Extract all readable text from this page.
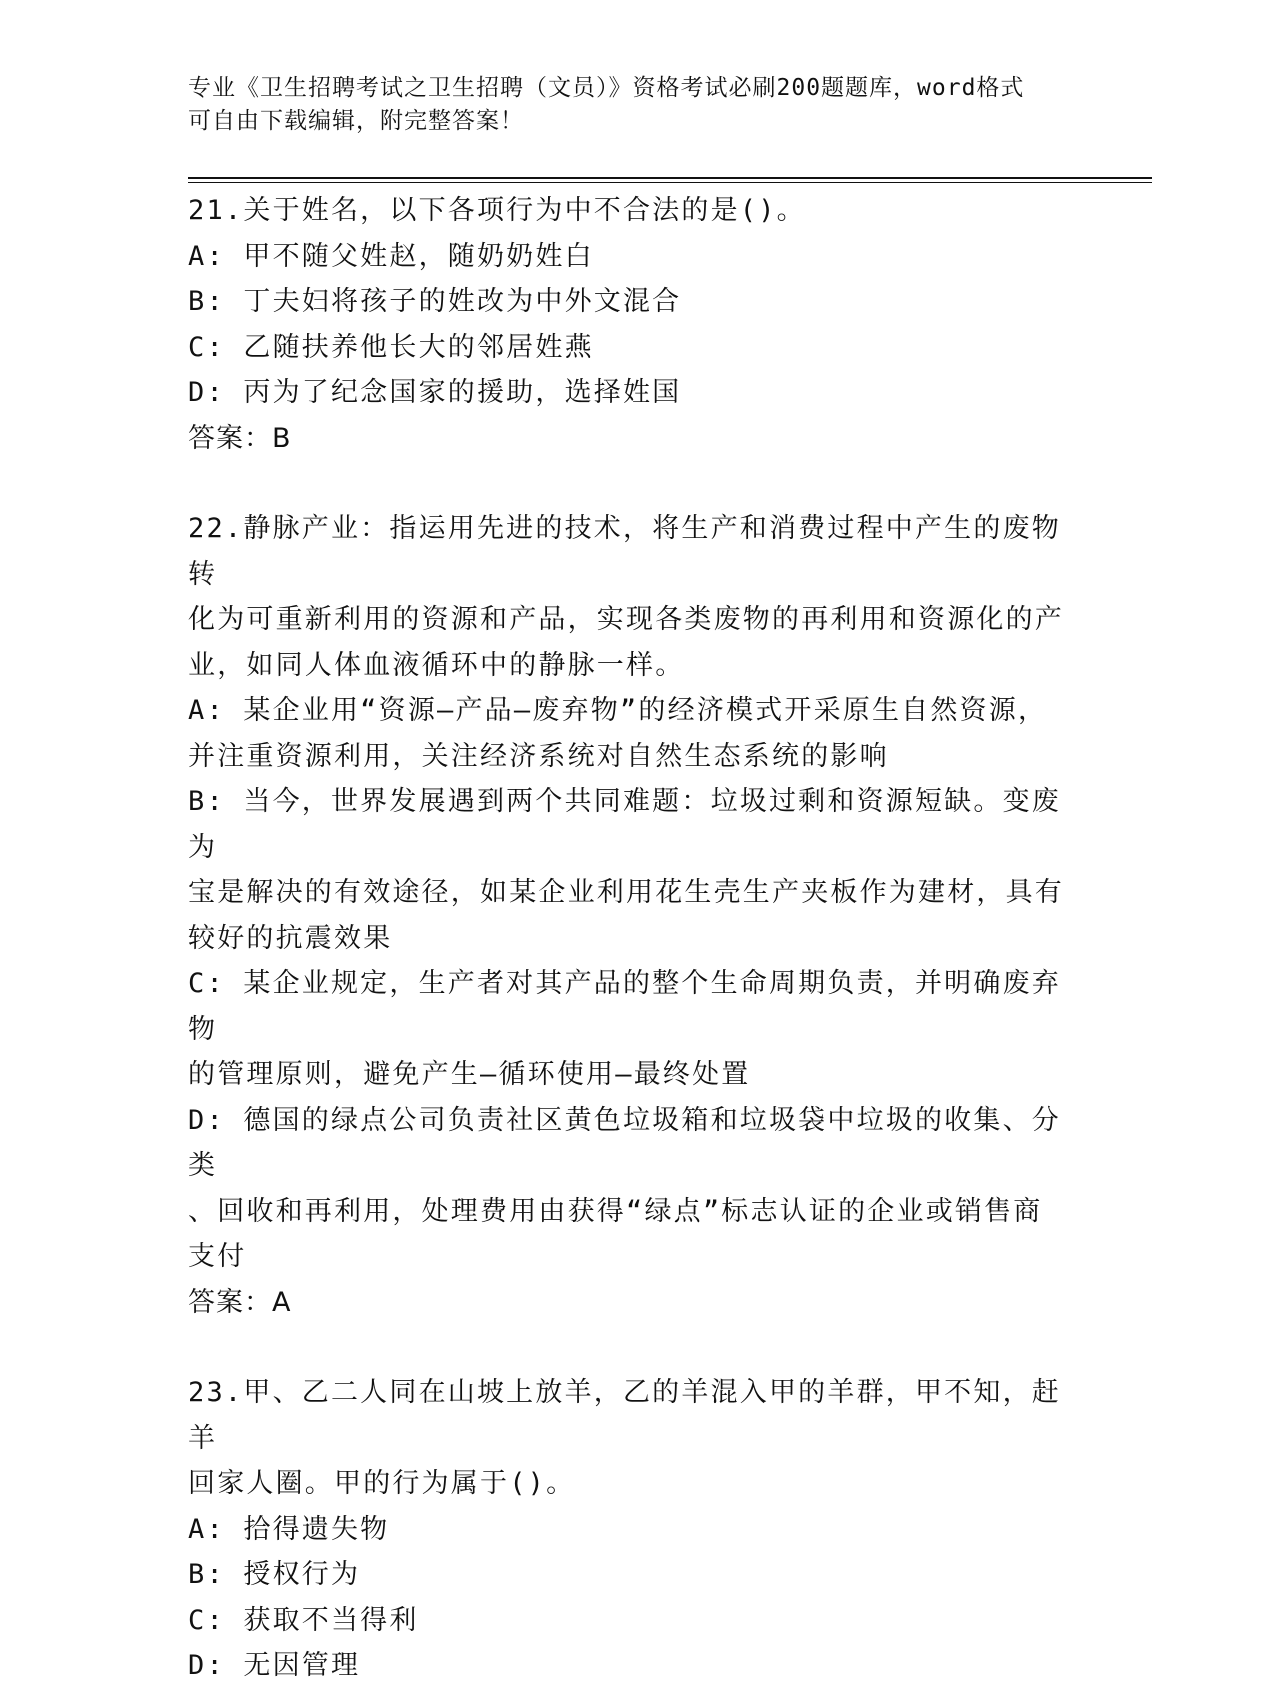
专业《卫生招聘考试之卫生招聘（文员）》资格考试必刷200题题库，word格式
可自由下载编辑，附完整答案！
21.关于姓名，以下各项行为中不合法的是()。
A: 甲不随父姓赵，随奶奶姓白
B: 丁夫妇将孩子的姓改为中外文混合
C: 乙随扶养他长大的邻居姓燕
D: 丙为了纪念国家的援助，选择姓国
答案：B
22.静脉产业：指运用先进的技术，将生产和消费过程中产生的废物转
化为可重新利用的资源和产品，实现各类废物的再利用和资源化的产
业，如同人体血液循环中的静脉一样。
A: 某企业用“资源—产品—废弃物”的经济模式开采原生自然资源，
并注重资源利用，关注经济系统对自然生态系统的影响
B: 当今，世界发展遇到两个共同难题：垃圾过剩和资源短缺。变废为
宝是解决的有效途径，如某企业利用花生壳生产夹板作为建材，具有
较好的抗震效果
C: 某企业规定，生产者对其产品的整个生命周期负责，并明确废弃物
的管理原则，避免产生—循环使用—最终处置
D: 德国的绿点公司负责社区黄色垃圾箱和垃圾袋中垃圾的收集、分类
、回收和再利用，处理费用由获得“绿点”标志认证的企业或销售商
支付
答案：A
23.甲、乙二人同在山坡上放羊，乙的羊混入甲的羊群，甲不知，赶羊
回家人圈。甲的行为属于()。
A: 拾得遗失物
B: 授权行为
C: 获取不当得利
D: 无因管理
